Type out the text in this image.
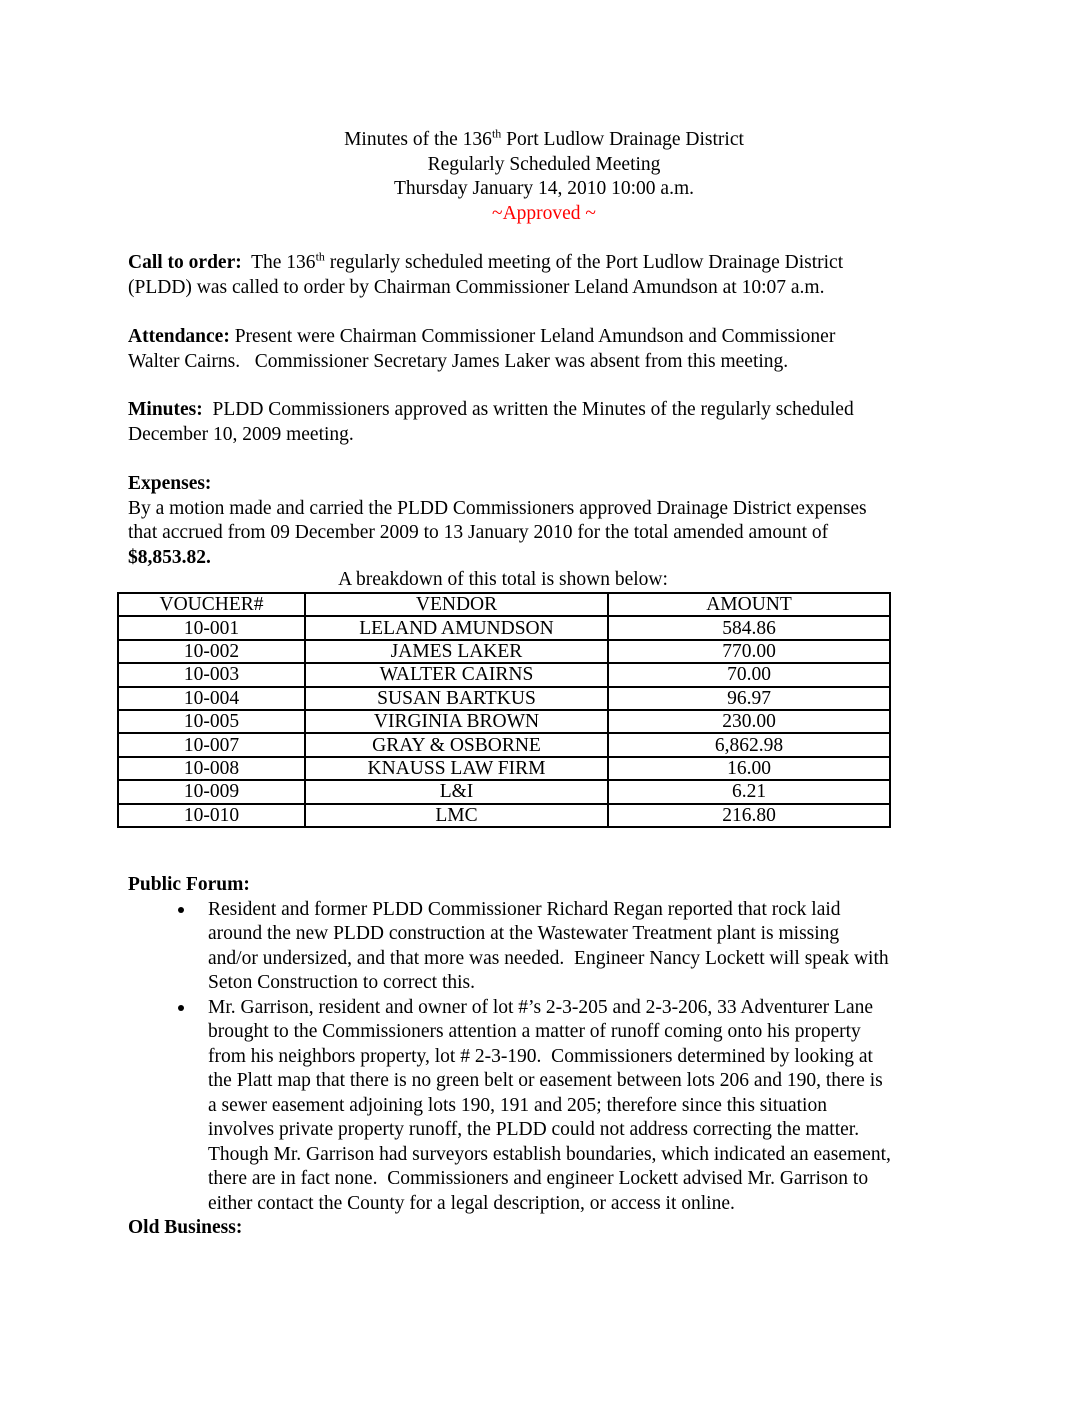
Minutes of the 136th Port Ludlow Drainage District
Regularly Scheduled Meeting
Thursday January 14, 2010 10:00 a.m.
~Approved ~
Call to order:  The 136th regularly scheduled meeting of the Port Ludlow Drainage District
(PLDD) was called to order by Chairman Commissioner Leland Amundson at 10:07 a.m.
Attendance: Present were Chairman Commissioner Leland Amundson and Commissioner
Walter Cairns.   Commissioner Secretary James Laker was absent from this meeting.
Minutes:  PLDD Commissioners approved as written the Minutes of the regularly scheduled
December 10, 2009 meeting.
Expenses:
By a motion made and carried the PLDD Commissioners approved Drainage District expenses
that accrued from 09 December 2009 to 13 January 2010 for the total amended amount of
$8,853.82.
A breakdown of this total is shown below:
VOUCHER#	VENDOR	AMOUNT
10-001	LELAND AMUNDSON	584.86
10-002	JAMES LAKER	770.00
10-003	WALTER CAIRNS	70.00
10-004	SUSAN BARTKUS	96.97
10-005	VIRGINIA BROWN	230.00
10-007	GRAY & OSBORNE	6,862.98
10-008	KNAUSS LAW FIRM	16.00
10-009	L&I	6.21
10-010	LMC	216.80
Public Forum:
Resident and former PLDD Commissioner Richard Regan reported that rock laid
around the new PLDD construction at the Wastewater Treatment plant is missing
and/or undersized, and that more was needed.  Engineer Nancy Lockett will speak with
Seton Construction to correct this.
Mr. Garrison, resident and owner of lot #’s 2-3-205 and 2-3-206, 33 Adventurer Lane
brought to the Commissioners attention a matter of runoff coming onto his property
from his neighbors property, lot # 2-3-190.  Commissioners determined by looking at
the Platt map that there is no green belt or easement between lots 206 and 190, there is
a sewer easement adjoining lots 190, 191 and 205; therefore since this situation
involves private property runoff, the PLDD could not address correcting the matter.
Though Mr. Garrison had surveyors establish boundaries, which indicated an easement,
there are in fact none.  Commissioners and engineer Lockett advised Mr. Garrison to
either contact the County for a legal description, or access it online.
Old Business:
